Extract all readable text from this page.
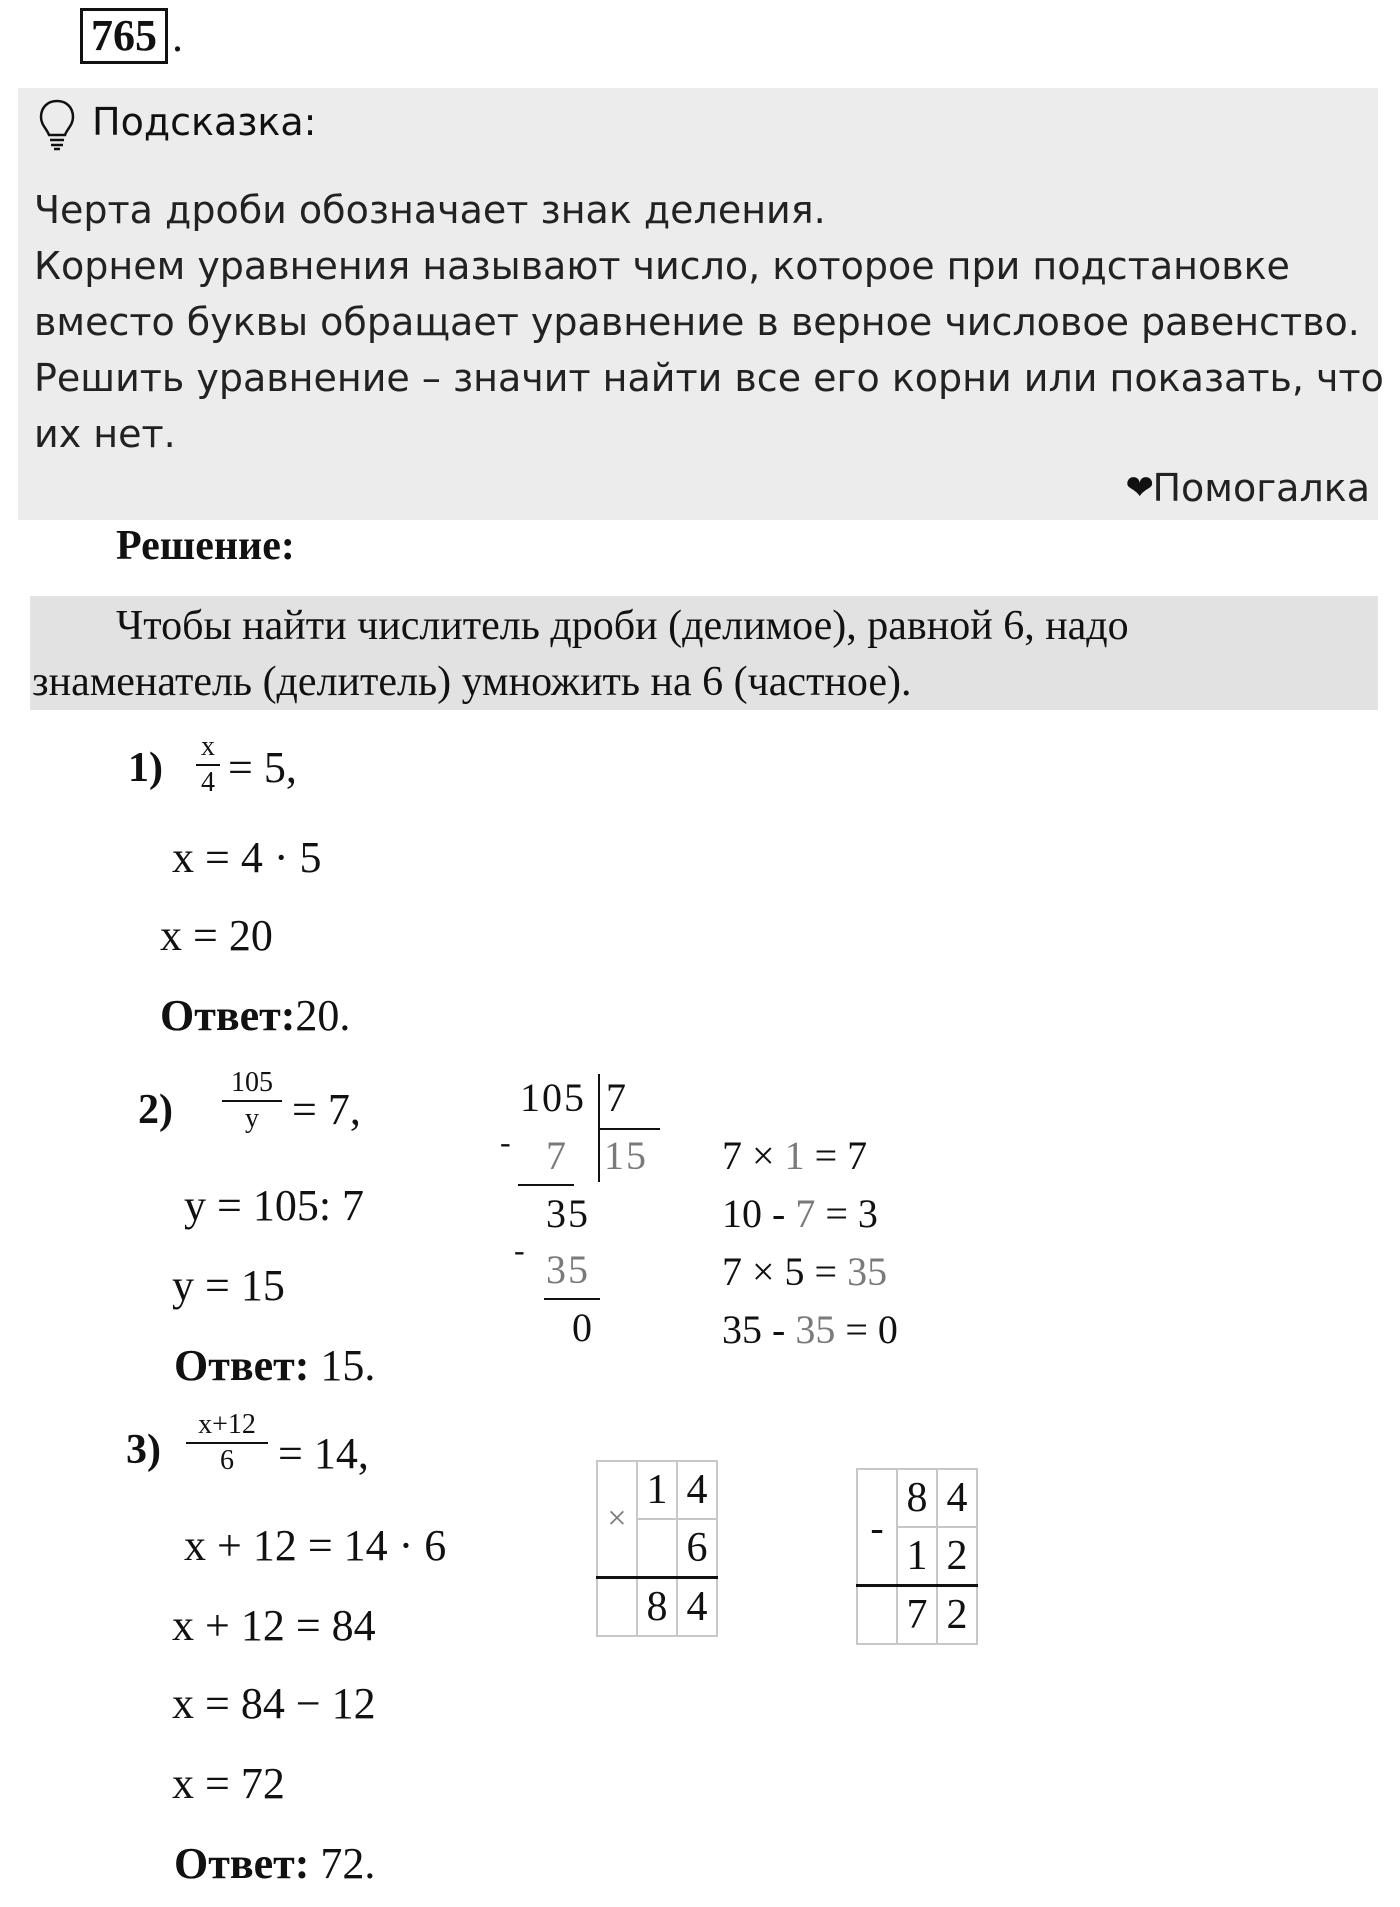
765 .
Подсказка:
Черта дроби обозначает знак деления.
Корнем уравнения называют число, которое при подстановке
вместо буквы обращает уравнение в верное числовое равенство.
Решить уравнение – значит найти все его корни или показать, что
их нет.
❤
Помогалка
Решение:
Чтобы найти числитель дроби (делимое), равной 6, надо
знаменатель (делитель) умножить на 6 (частное).
1) x
4 = 5,
x = 4 · 5
x = 20
Ответ:20.
2)
105
y = 7,
y = 105: 7
y = 15
Ответ: 15.
105 7
- 7 15
35
- 35
0
7 × 1 = 7
10 - 7 = 3
7 × 5 = 35
35 - 35 = 0
3)
x+12
6 = 14,
x + 12 = 14 · 6
x + 12 = 84
x = 84 − 12
x = 72
Ответ: 72.
×	1	4
		6
	8	4
-	8	4
	1	2
	7	2
